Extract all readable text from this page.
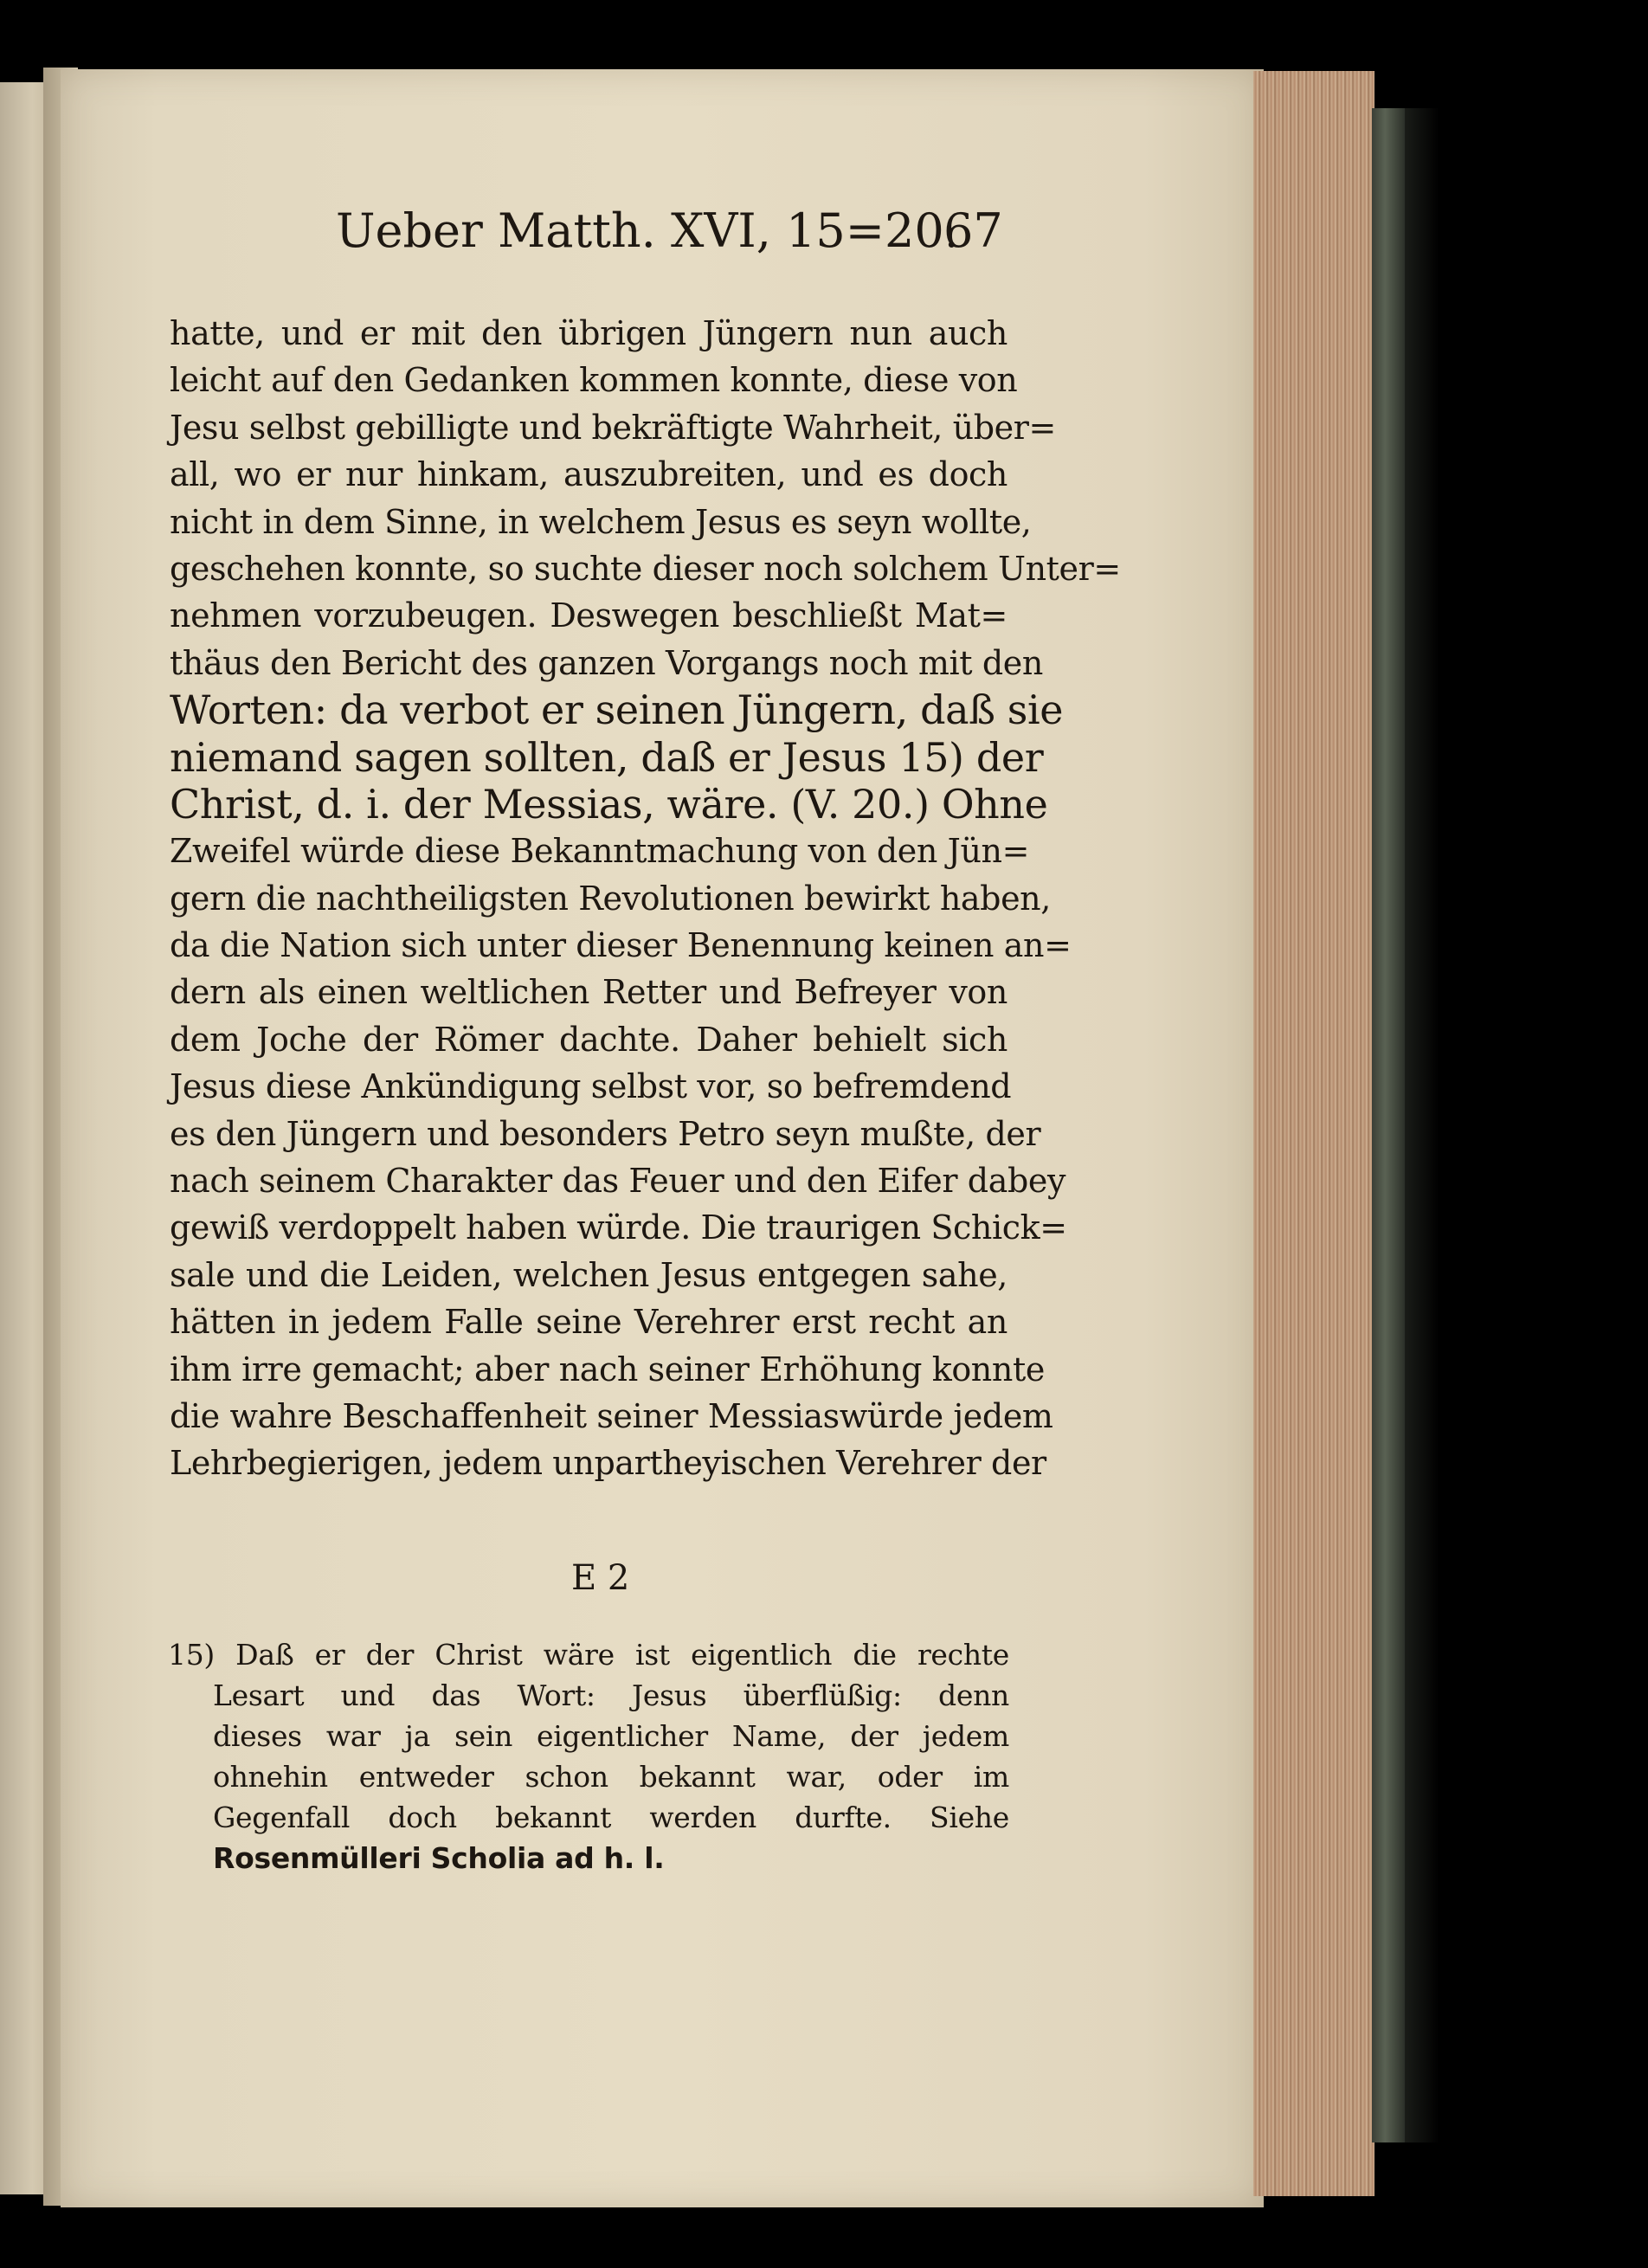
Ueber Matth. XVI, 15=20.
67
hatte, und er mit den übrigen Jüngern nun auch
leicht auf den Gedanken kommen konnte, diese von
Jesu selbst gebilligte und bekräftigte Wahrheit, über=
all, wo er nur hinkam, auszubreiten, und es doch
nicht in dem Sinne, in welchem Jesus es seyn wollte,
geschehen konnte, so suchte dieser noch solchem Unter=
nehmen vorzubeugen. Deswegen beschließt Mat=
thäus den Bericht des ganzen Vorgangs noch mit den
Worten: da verbot er seinen Jüngern, daß sie
niemand sagen sollten, daß er Jesus 15) der
Christ, d. i. der Messias, wäre. (V. 20.) Ohne
Zweifel würde diese Bekanntmachung von den Jün=
gern die nachtheiligsten Revolutionen bewirkt haben,
da die Nation sich unter dieser Benennung keinen an=
dern als einen weltlichen Retter und Befreyer von
dem Joche der Römer dachte. Daher behielt sich
Jesus diese Ankündigung selbst vor, so befremdend
es den Jüngern und besonders Petro seyn mußte, der
nach seinem Charakter das Feuer und den Eifer dabey
gewiß verdoppelt haben würde. Die traurigen Schick=
sale und die Leiden, welchen Jesus entgegen sahe,
hätten in jedem Falle seine Verehrer erst recht an
ihm irre gemacht; aber nach seiner Erhöhung konnte
die wahre Beschaffenheit seiner Messiaswürde jedem
Lehrbegierigen, jedem unpartheyischen Verehrer der
E 2
15) Daß er der Christ wäre ist eigentlich die rechte
Lesart und das Wort: Jesus überflüßig: denn
dieses war ja sein eigentlicher Name, der jedem
ohnehin entweder schon bekannt war, oder im
Gegenfall doch bekannt werden durfte. Siehe
Rosenmülleri Scholia ad h. l.
